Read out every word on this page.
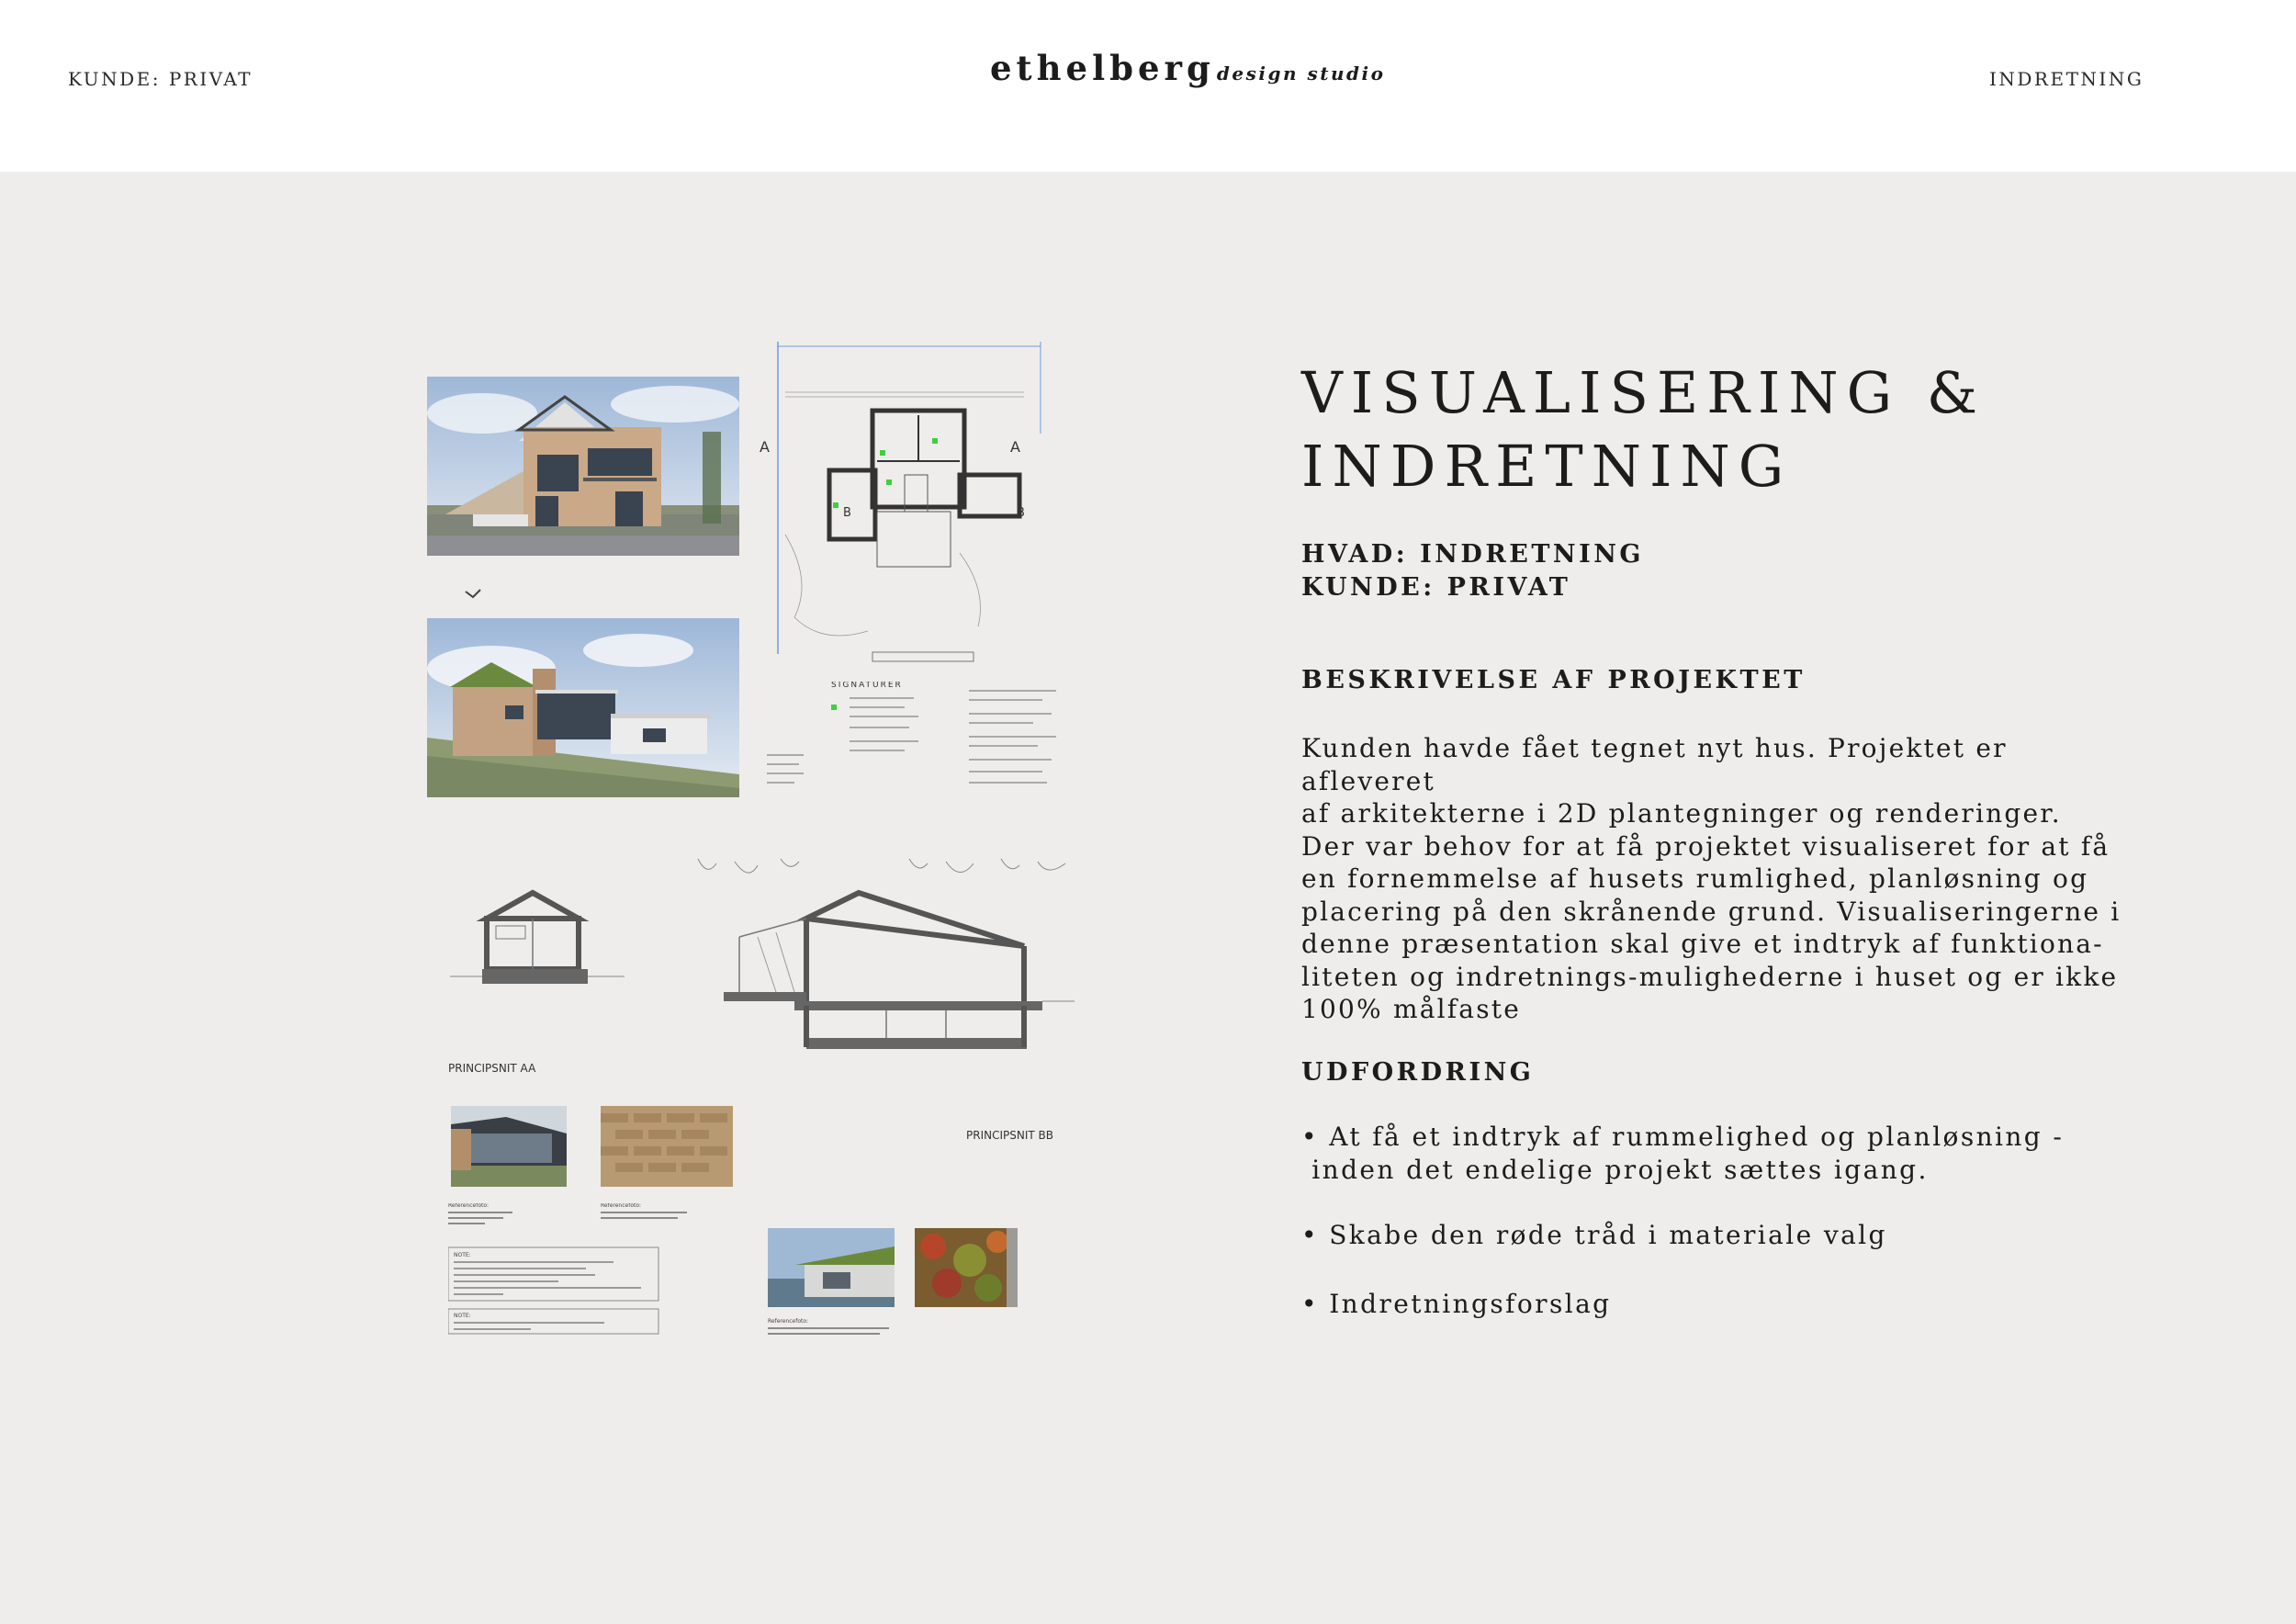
KUNDE: PRIVAT	ethelberg design studio	INDRETNING
A
A
B	B
SIGNATURER
PRINCIPSNIT AA
PRINCIPSNIT BB
Referencefoto:	Referencefoto:
Referencefoto:
NOTE:
NOTE:
VISUALISERING &
INDRETNING
HVAD: INDRETNING
KUNDE: PRIVAT
BESKRIVELSE AF PROJEKTET

Kunden havde fået tegnet nyt hus. Projektet er afleveret

af arkitekterne i 2D plantegninger og renderinger.

Der var behov for at få projektet visualiseret for at få

en fornemmelse af husets rumlighed, planløsning og

placering på den skrånende grund. Visualiseringerne i

denne præsentation skal give et indtryk af funktiona-

liteten og indretnings-mulighederne i huset og er ikke

100% målfaste

UDFORDRING
• At få et indtryk af rummelighed og planløsning -
inden det endelige projekt sættes igang.
• Skabe den røde tråd i materiale valg
• Indretningsforslag
